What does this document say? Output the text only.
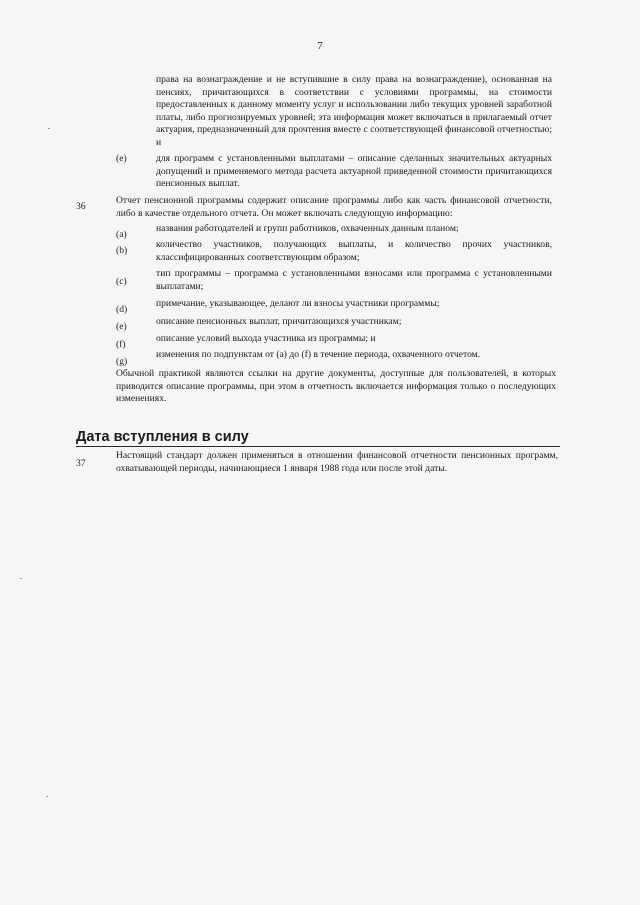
7
права на вознаграждение и не вступившие в силу права на вознаграждение), основанная на пенсиях, причитающихся в соответствии с условиями программы, на стоимости предоставленных к данному моменту услуг и использовании либо текущих уровней заработной платы, либо прогнозируемых уровней; эта информация может включаться в прилагаемый отчет актуария, предназначенный для прочтения вместе с соответствующей финансовой отчетностью; и
(e)	для программ с установленными выплатами – описание сделанных значительных актуарных допущений и применяемого метода расчета актуарной приведенной стоимости причитающихся пенсионных выплат.
36
Отчет пенсионной программы содержит описание программы либо как часть финансовой отчетности, либо в качестве отдельного отчета. Он может включать следующую информацию:
(a)
названия работодателей и групп работников, охваченных данным планом;
(b)
количество участников, получающих выплаты, и количество прочих участников, классифицированных соответствующим образом;
(c)
тип программы – программа с установленными взносами или программа с установленными выплатами;
(d)
примечание, указывающее, делают ли взносы участники программы;
(e)	описание пенсионных выплат, причитающихся участникам;
(f)
описание условий выхода участника из программы; и
(g)
изменения по подпунктам от (а) до (f) в течение периода, охваченного отчетом.
Обычной практикой являются ссылки на другие документы, доступные для пользователей, в которых приводится описание программы, при этом в отчетность включается информация только о последующих изменениях.
Дата вступления в силу
37
Настоящий стандарт должен применяться в отношении финансовой отчетности пенсионных программ, охватывающей периоды, начинающиеся 1 января 1988 года или после этой даты.
